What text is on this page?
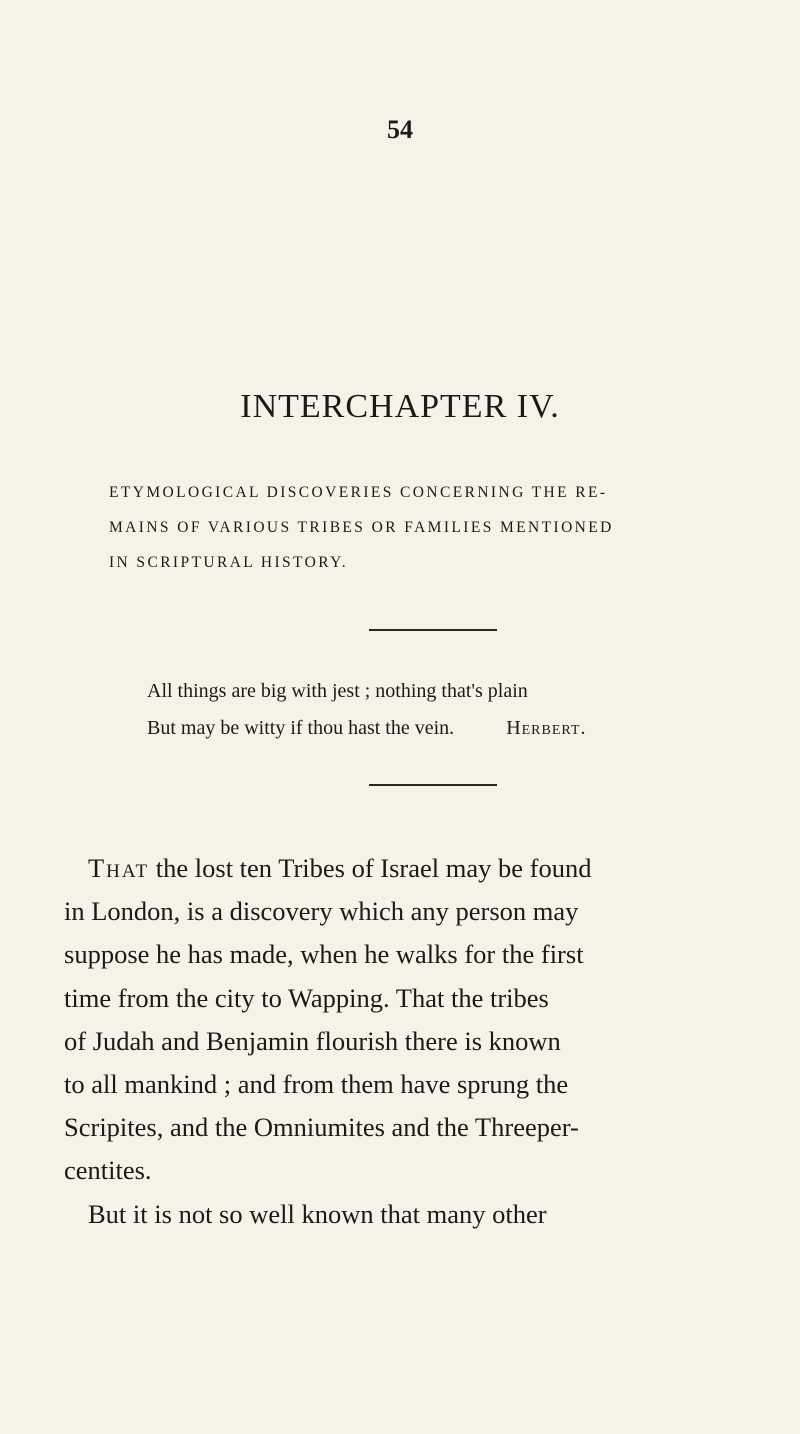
54
INTERCHAPTER IV.
ETYMOLOGICAL DISCOVERIES CONCERNING THE RE-
MAINS OF VARIOUS TRIBES OR FAMILIES MENTIONED
IN SCRIPTURAL HISTORY.
All things are big with jest ; nothing that's plain
But may be witty if thou hast the vein.	Herbert.
That the lost ten Tribes of Israel may be found
in London, is a discovery which any person may
suppose he has made, when he walks for the first
time from the city to Wapping. That the tribes
of Judah and Benjamin flourish there is known
to all mankind ; and from them have sprung the
Scripites, and the Omniumites and the Threeper-
centites.
But it is not so well known that many other
